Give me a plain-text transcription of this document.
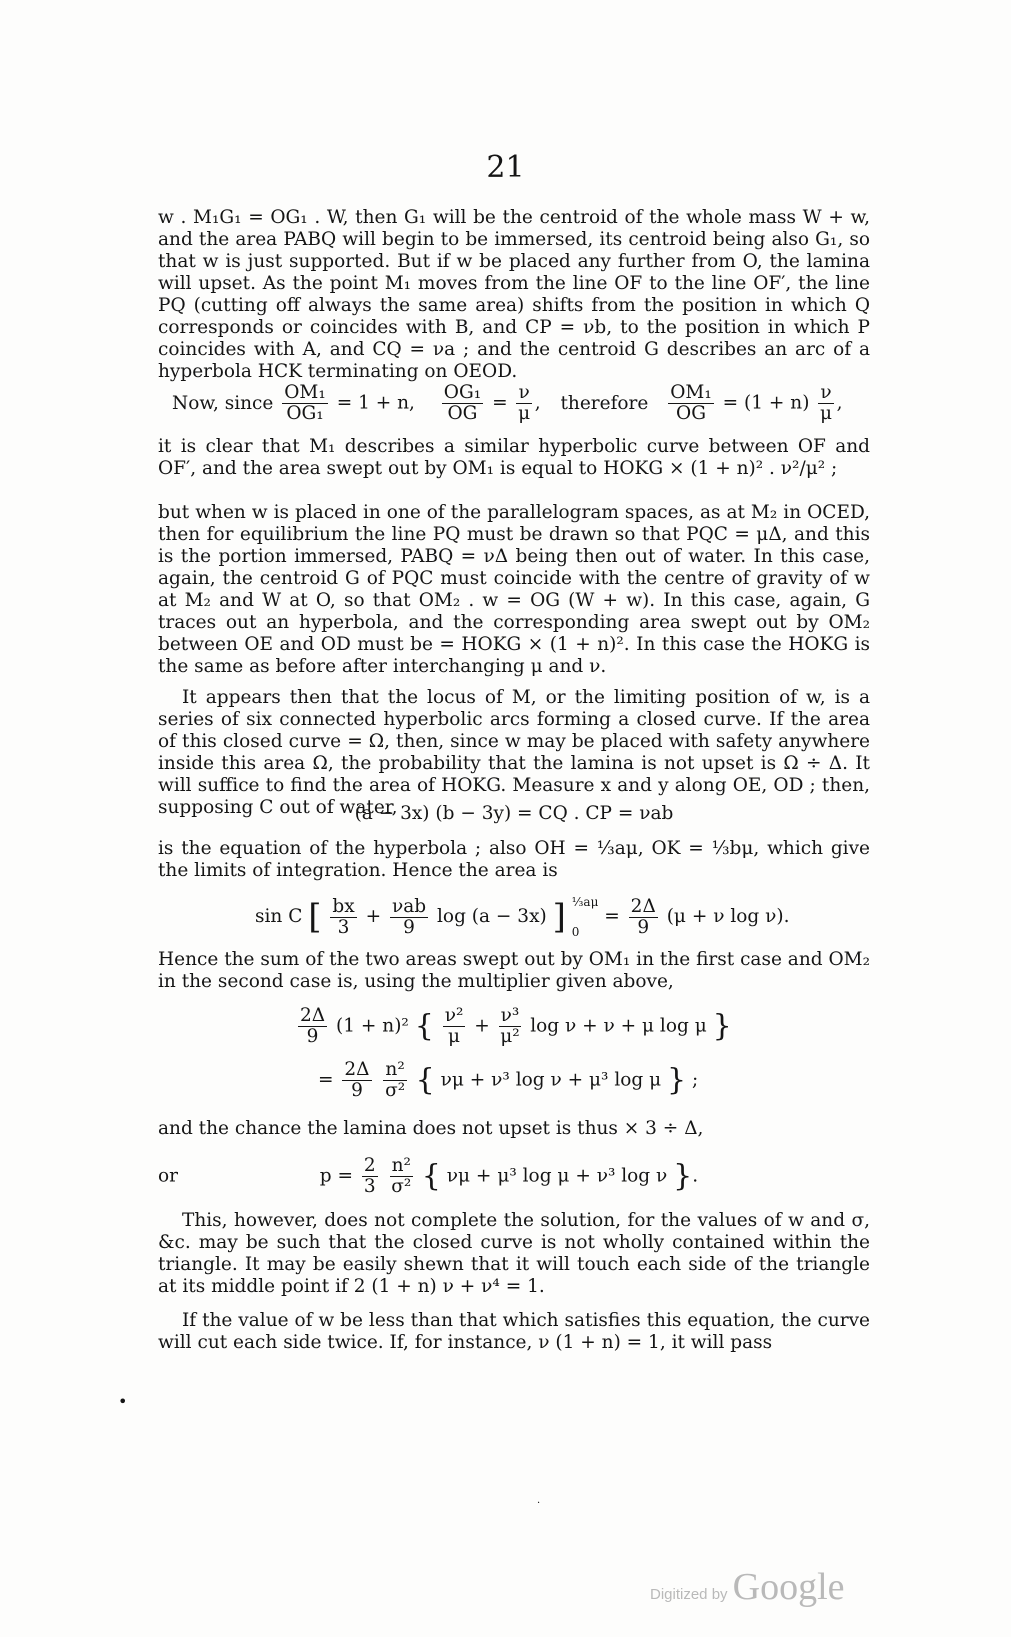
21

w . M₁G₁ = OG₁ . W, then G₁ will be the centroid of the whole mass W + w, and the area PABQ will begin to be immersed, its centroid being also G₁, so that w is just supported. But if w be placed any further from O, the lamina will upset. As the point M₁ moves from the line OF to the line OF′, the line PQ (cutting off always the same area) shifts from the position in which Q corresponds or coincides with B, and CP = νb, to the position in which P coincides with A, and CQ = νa ; and the centroid G describes an arc of a hyperbola HCK terminating on OEOD.

Now, since $\frac{\text{OM₁}}{\text{OG₁}} = 1 + n$, $\frac{\text{OG₁}}{OG} = \frac{\nu}{\mu}$ , therefore $\frac{\text{OM₁}}{OG} = (1 + n) \frac{\nu}{\mu}$ ,

it is clear that M₁ describes a similar hyperbolic curve between OF and OF′, and the area swept out by OM₁ is equal to HOKG × (1 + n)² . ν²/μ² ;

but when w is placed in one of the parallelogram spaces, as at M₂ in OCED, then for equilibrium the line PQ must be drawn so that PQC = μΔ, and this is the portion immersed, PABQ = νΔ being then out of water. In this case, again, the centroid G of PQC must coincide with the centre of gravity of w at M₂ and W at O, so that OM₂ . w = OG (W + w). In this case, again, G traces out an hyperbola, and the corresponding area swept out by OM₂ between OE and OD must be = HOKG × (1 + n)². In this case the HOKG is the same as before after interchanging μ and ν.

It appears then that the locus of M, or the limiting position of w, is a series of six connected hyperbolic arcs forming a closed curve. If the area of this closed curve = Ω, then, since w may be placed with safety anywhere inside this area Ω, the probability that the lamina is not upset is Ω ÷ Δ. It will suffice to find the area of HOKG. Measure x and y along OE, OD ; then, supposing C out of water,

(a − 3x) (b − 3y) = CQ . CP = νab

is the equation of the hyperbola ; also OH = ⅓aμ, OK = ⅓bμ, which give the limits of integration. Hence the area is

sin C [ $\frac{bx}{3} + \frac{\text{νab}}{9}$ log (a − 3x) ] ⅓aμ
0
= $\frac{2\Delta}{9} (\mu + \nu$ log ν).

Hence the sum of the two areas swept out by OM₁ in the first case and OM₂ in the second case is, using the multiplier given above,

$\frac{2\Delta}{9} (1 + n)^2$ { $\frac{\text{ν²}}{\mu} + \frac{\text{ν³}}{\text{μ²}}$ log ν + ν + μ log μ }
= $\frac{2\Delta}{9}$
$\frac{\text{n²}}{\text{σ²}}$ { νμ + ν³ log ν + μ³ log μ } ;

and the chance the lamina does not upset is thus × 3 ÷ Δ,

or	$p = \frac{2}{3}$
$\frac{\text{n²}}{\text{σ²}}$ { νμ + μ³ log μ + ν³ log ν }.

This, however, does not complete the solution, for the values of w and σ, &c. may be such that the closed curve is not wholly contained within the triangle. It may be easily shewn that it will touch each side of the triangle at its middle point if 2 (1 + n) ν + ν⁴ = 1.

•

If the value of w be less than that which satisfies this equation, the curve will cut each side twice. If, for instance, ν (1 + n) = 1, it will pass

·
Digitized by Google
